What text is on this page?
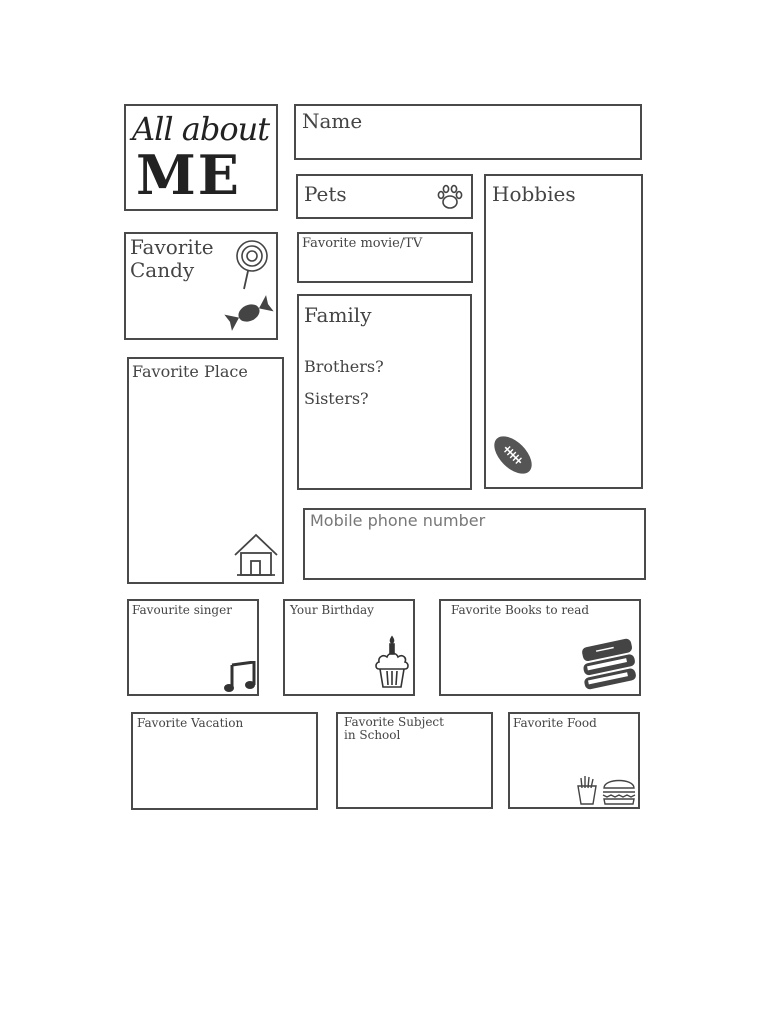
All about
ME
Name
Pets	Hobbies
Favorite
Candy
Favorite movie/TV
Family
Brothers?
Sisters?
Favorite Place
Mobile phone number
Favourite singer	Your Birthday	Favorite Books to read
Favorite Vacation	Favorite Subject
in School
Favorite Food
